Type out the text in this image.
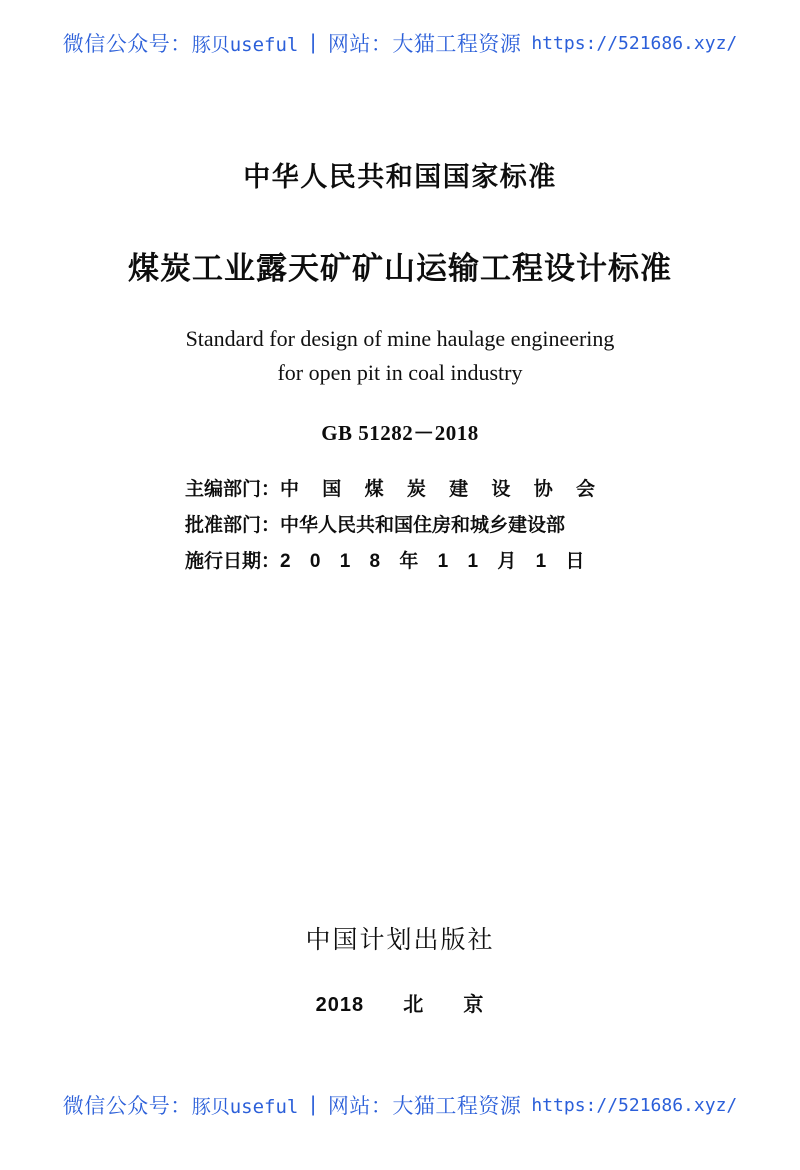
微信公众号： 豚贝useful | 网站： 大猫工程资源 https://521686.xyz/
中华人民共和国国家标准
煤炭工业露天矿矿山运输工程设计标准
Standard for design of mine haulage engineering
for open pit in coal industry
GB 51282－2018
主编部门： 中 国 煤 炭 建 设 协 会
批准部门： 中华人民共和国住房和城乡建设部
施行日期： 2 0 1 8 年 1 1 月 1 日
中国计划出版社
2018 北 京
微信公众号： 豚贝useful | 网站： 大猫工程资源 https://521686.xyz/
